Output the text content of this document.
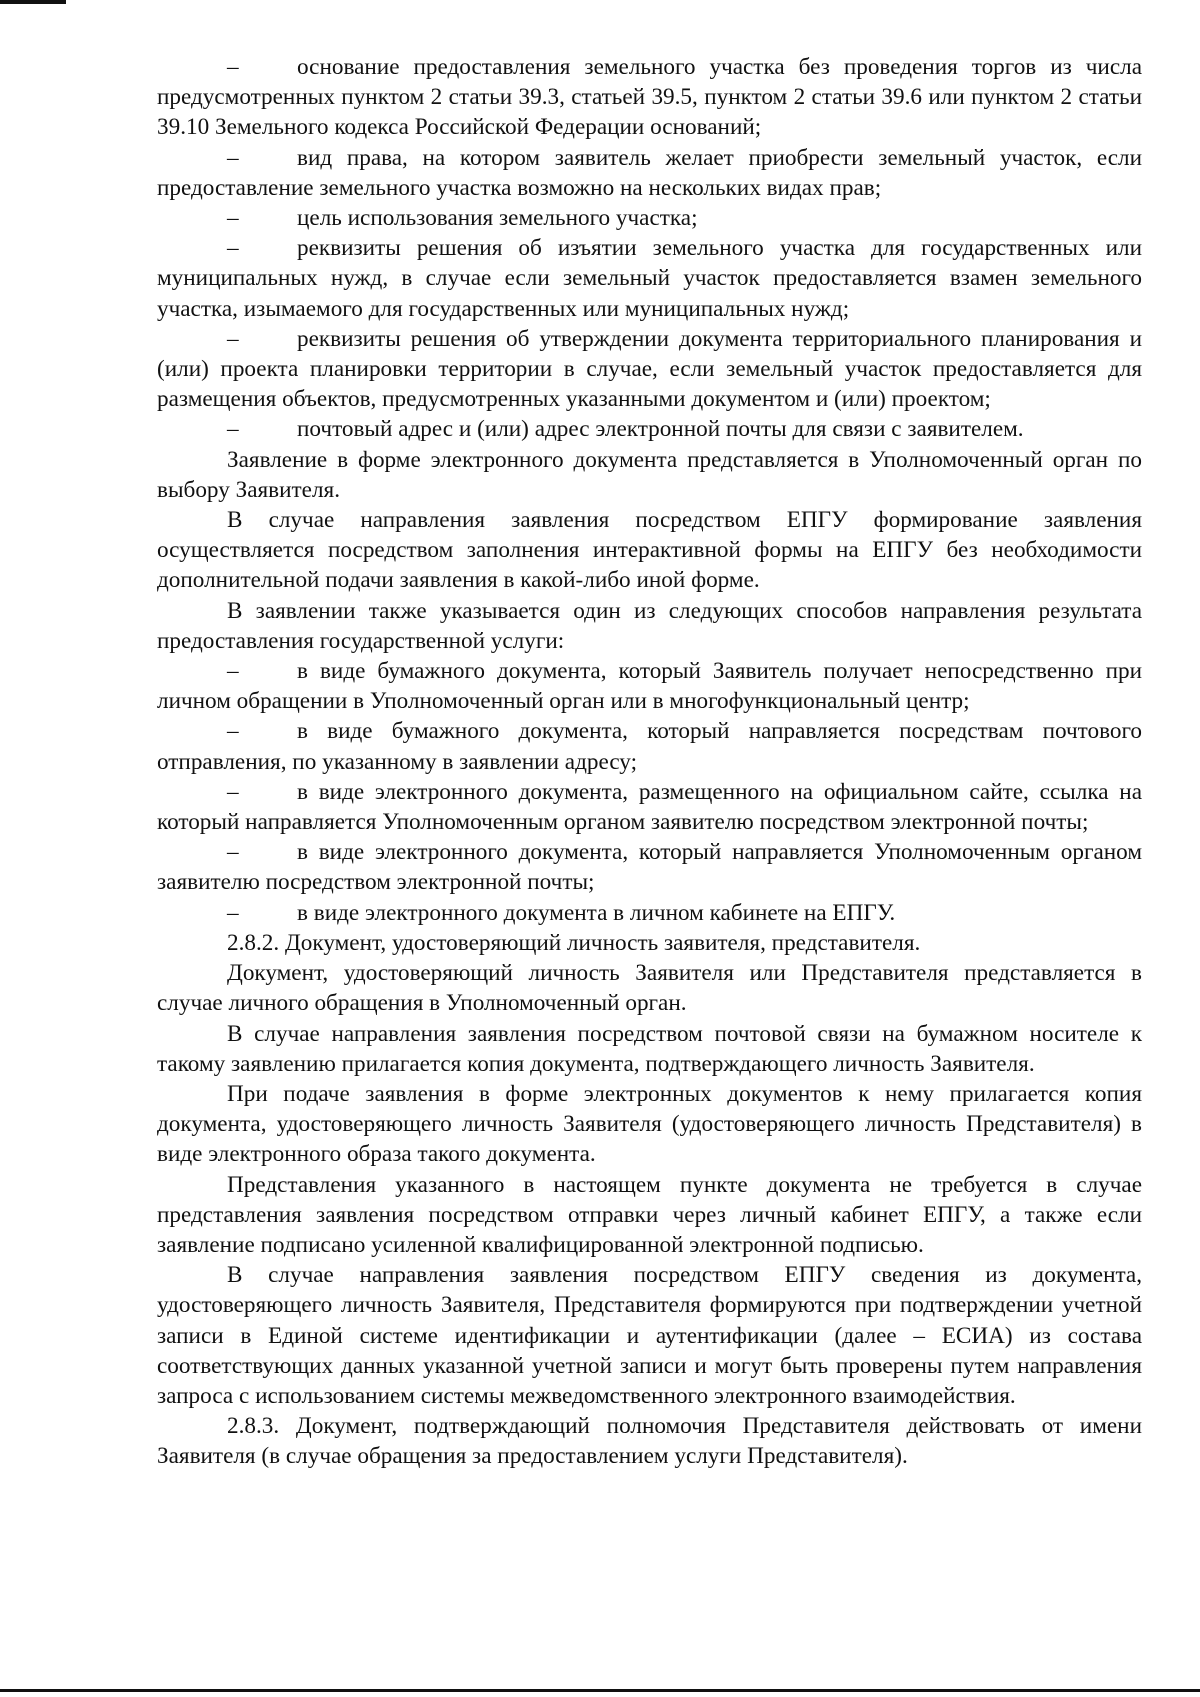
–	основание предоставления земельного участка без проведения торгов из числа предусмотренных пунктом 2 статьи 39.3, статьей 39.5, пунктом 2 статьи 39.6 или пунктом 2 статьи 39.10 Земельного кодекса Российской Федерации оснований;

–	вид права, на котором заявитель желает приобрести земельный участок, если предоставление земельного участка возможно на нескольких видах прав;

–	цель использования земельного участка;

–	реквизиты решения об изъятии земельного участка для государственных или муниципальных нужд, в случае если земельный участок предоставляется взамен земельного участка, изымаемого для государственных или муниципальных нужд;

–	реквизиты решения об утверждении документа территориального планирования и (или) проекта планировки территории в случае, если земельный участок предоставляется для размещения объектов, предусмотренных указанными документом и (или) проектом;

–	почтовый адрес и (или) адрес электронной почты для связи с заявителем.

Заявление в форме электронного документа представляется в Уполномоченный орган по выбору Заявителя.

В случае направления заявления посредством ЕПГУ формирование заявления осуществляется посредством заполнения интерактивной формы на ЕПГУ без необходимости дополнительной подачи заявления в какой-либо иной форме.

В заявлении также указывается один из следующих способов направления результата предоставления государственной услуги:

–	в виде бумажного документа, который Заявитель получает непосредственно при личном обращении в Уполномоченный орган или в многофункциональный центр;

–	в виде бумажного документа, который направляется посредствам почтового отправления, по указанному в заявлении адресу;

–	в виде электронного документа, размещенного на официальном сайте, ссылка на который направляется Уполномоченным органом заявителю посредством электронной почты;

–	в виде электронного документа, который направляется Уполномоченным органом заявителю посредством электронной почты;

–	в виде электронного документа в личном кабинете на ЕПГУ.

2.8.2. Документ, удостоверяющий личность заявителя, представителя.

Документ, удостоверяющий личность Заявителя или Представителя представляется в случае личного обращения в Уполномоченный орган.

В случае направления заявления посредством почтовой связи на бумажном носителе к такому заявлению прилагается копия документа, подтверждающего личность Заявителя.

При подаче заявления в форме электронных документов к нему прилагается копия документа, удостоверяющего личность Заявителя (удостоверяющего личность Представителя) в виде электронного образа такого документа.

Представления указанного в настоящем пункте документа не требуется в случае представления заявления посредством отправки через личный кабинет ЕПГУ, а также если заявление подписано усиленной квалифицированной электронной подписью.

В случае направления заявления посредством ЕПГУ сведения из документа, удостоверяющего личность Заявителя, Представителя формируются при подтверждении учетной записи в Единой системе идентификации и аутентификации (далее – ЕСИА) из состава соответствующих данных указанной учетной записи и могут быть проверены путем направления запроса с использованием системы межведомственного электронного взаимодействия.

2.8.3. Документ, подтверждающий полномочия Представителя действовать от имени Заявителя (в случае обращения за предоставлением услуги Представителя).
